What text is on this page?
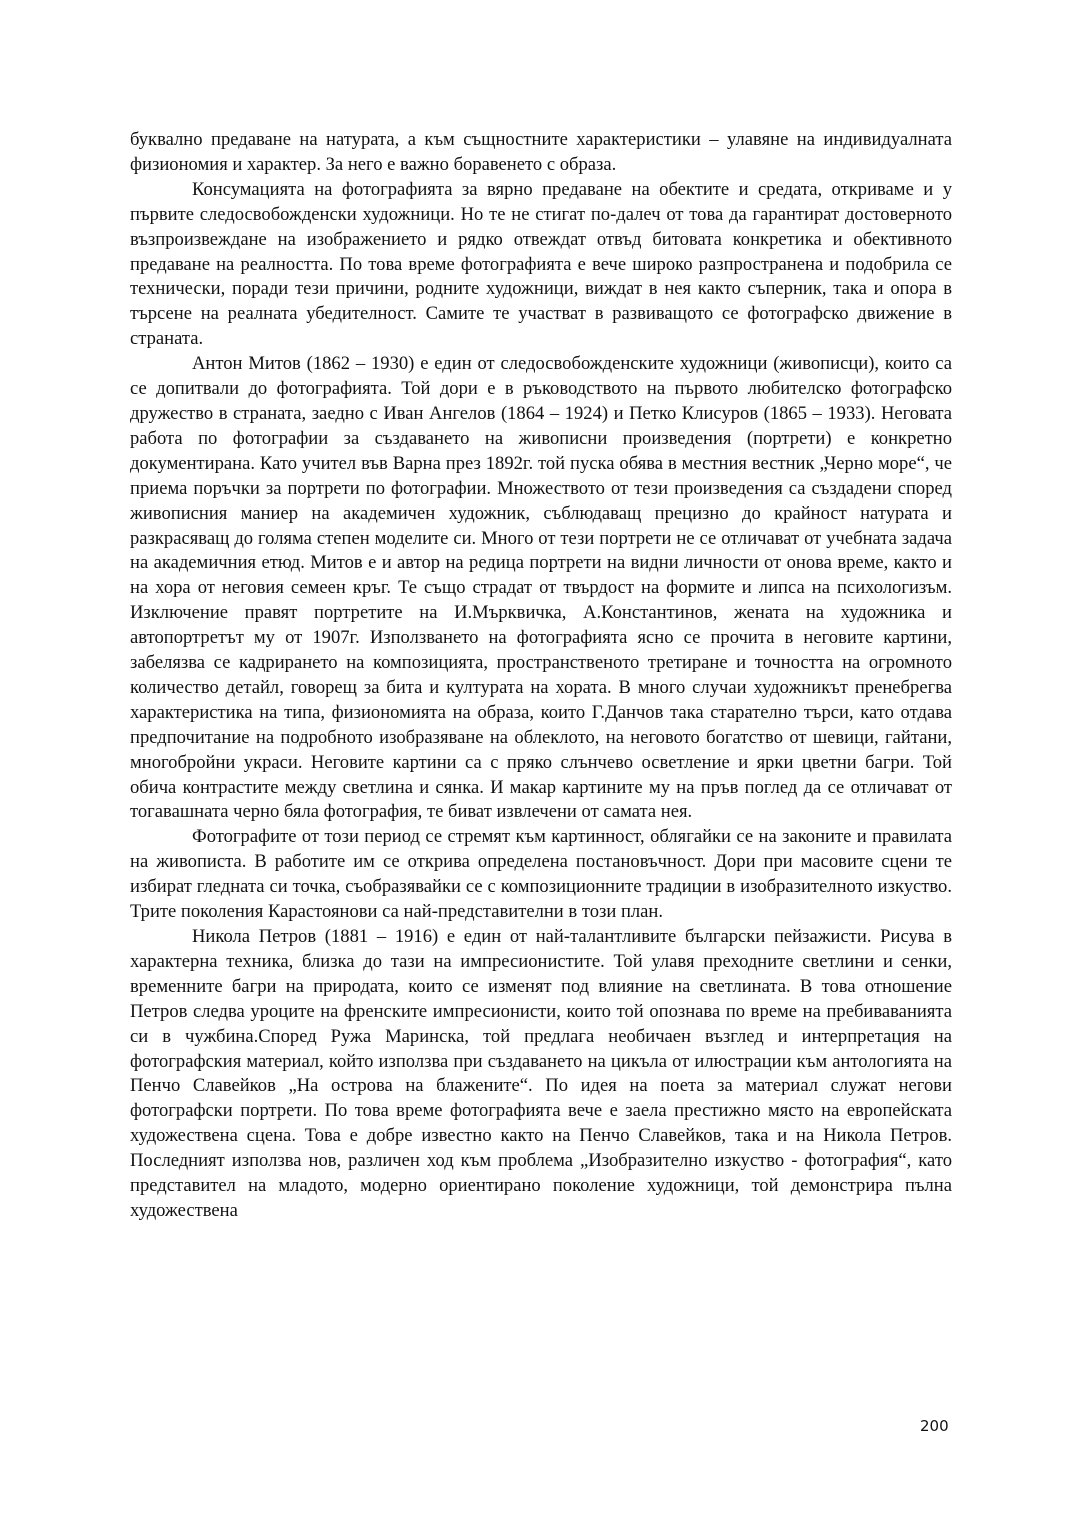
буквално предаване на натурата, а към същностните характеристики – улавяне на индивидуалната физиономия и характер. За него е важно боравенето с образа.

Консумацията на фотографията за вярно предаване на обектите и средата, откриваме и у първите следосвобожденски художници. Но те не стигат по-далеч от това да гарантират достоверното възпроизвеждане на изображението и рядко отвеждат отвъд битовата конкретика и обективното предаване на реалността. По това време фотографията е вече широко разпространена и подобрила се технически, поради тези причини, родните художници, виждат в нея както съперник, така и опора в търсене на реалната убедителност. Самите те участват в развиващото се фотографско движение в страната.

Антон Митов (1862 – 1930) е един от следосвобожденските художници (живописци), които са се допитвали до фотографията. Той дори е в ръководството на първото любителско фотографско дружество в страната, заедно с Иван Ангелов (1864 – 1924) и Петко Клисуров (1865 – 1933). Неговата работа по фотографии за създаването на живописни произведения (портрети) е конкретно документирана. Като учител във Варна през 1892г. той пуска обява в местния вестник „Черно море“, че приема поръчки за портрети по фотографии. Множеството от тези произведения са създадени според живописния маниер на академичен художник, съблюдаващ прецизно до крайност натурата и разкрасяващ до голяма степен моделите си. Много от тези портрети не се отличават от учебната задача на академичния етюд. Митов е и автор на редица портрети на видни личности от онова време, както и на хора от неговия семеен кръг. Те също страдат от твърдост на формите и липса на психологизъм. Изключение правят портретите на И.Мърквичка, А.Константинов, жената на художника и автопортретът му от 1907г. Използването на фотографията ясно се прочита в неговите картини, забелязва се кадрирането на композицията, пространственото третиране и точността на огромното количество детайл, говорещ за бита и културата на хората. В много случаи художникът пренебрегва характеристика на типа, физиономията на образа, които Г.Данчов така старателно търси, като отдава предпочитание на подробното изобразяване на облеклото, на неговото богатство от шевици, гайтани, многобройни украси. Неговите картини са с пряко слънчево осветление и ярки цветни багри. Той обича контрастите между светлина и сянка. И макар картините му на пръв поглед да се отличават от тогавашната черно бяла фотография, те биват извлечени от самата нея.

Фотографите от този период се стремят към картинност, облягайки се на законите и правилата на живописта. В работите им се открива определена постановъчност. Дори при масовите сцени те избират гледната си точка, съобразявайки се с композиционните традиции в изобразителното изкуство. Трите поколения Карастоянови са най-представителни в този план.

Никола Петров (1881 – 1916) е един от най-талантливите български пейзажисти. Рисува в характерна техника, близка до тази на импресионистите. Той улавя преходните светлини и сенки, временните багри на природата, които се изменят под влияние на светлината. В това отношение Петров следва уроците на френските импресионисти, които той опознава по време на пребиваванията си в чужбина.Според Ружа Маринска, той предлага необичаен възглед и интерпретация на фотографския материал, който използва при създаването на цикъла от илюстрации към антологията на Пенчо Славейков „На острова на блажените“. По идея на поета за материал служат негови фотографски портрети. По това време фотографията вече е заела престижно място на европейската художествена сцена. Това е добре известно както на Пенчо Славейков, така и на Никола Петров. Последният използва нов, различен ход към проблема „Изобразително изкуство - фотография“, като представител на младото, модерно ориентирано поколение художници, той демонстрира пълна художествена

200
